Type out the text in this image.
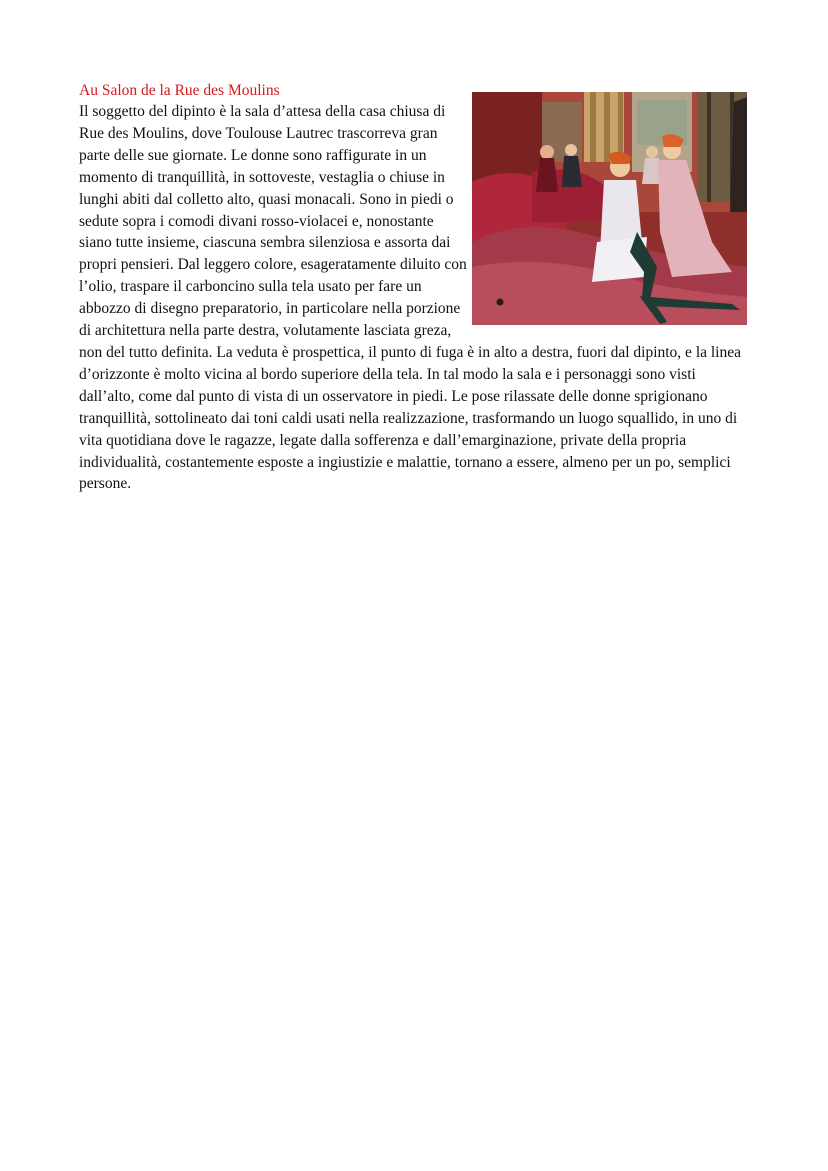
Au Salon de la Rue des Moulins

Il soggetto del dipinto è la sala d’attesa della casa chiusa di Rue des Moulins, dove Toulouse Lautrec trascorreva gran parte delle sue giornate. Le donne sono raffigurate in un momento di tranquillità, in sottoveste, vestaglia o chiuse in lunghi abiti dal colletto alto, quasi monacali. Sono in piedi o sedute sopra i comodi divani rosso-violacei e, nonostante siano tutte insieme, ciascuna sembra silenziosa e assorta dai propri pensieri. Dal leggero colore, esageratamente diluito con l’olio, traspare il carboncino sulla tela usato per fare un abbozzo di disegno preparatorio, in particolare nella porzione di architettura nella parte destra, volutamente lasciata greza, non del tutto definita. La veduta è prospettica, il punto di fuga è in alto a destra, fuori dal dipinto, e la linea d’orizzonte è molto vicina al bordo superiore della tela. In tal modo la sala e i personaggi sono visti dall’alto, come dal punto di vista di un osservatore in piedi. Le pose rilassate delle donne sprigionano tranquillità, sottolineato dai toni caldi usati nella realizzazione, trasformando un luogo squallido, in uno di vita quotidiana dove le ragazze, legate dalla sofferenza e dall’emarginazione, private della propria individualità, costantemente esposte a ingiustizie e malattie, tornano a essere, almeno per un po, semplici persone.
